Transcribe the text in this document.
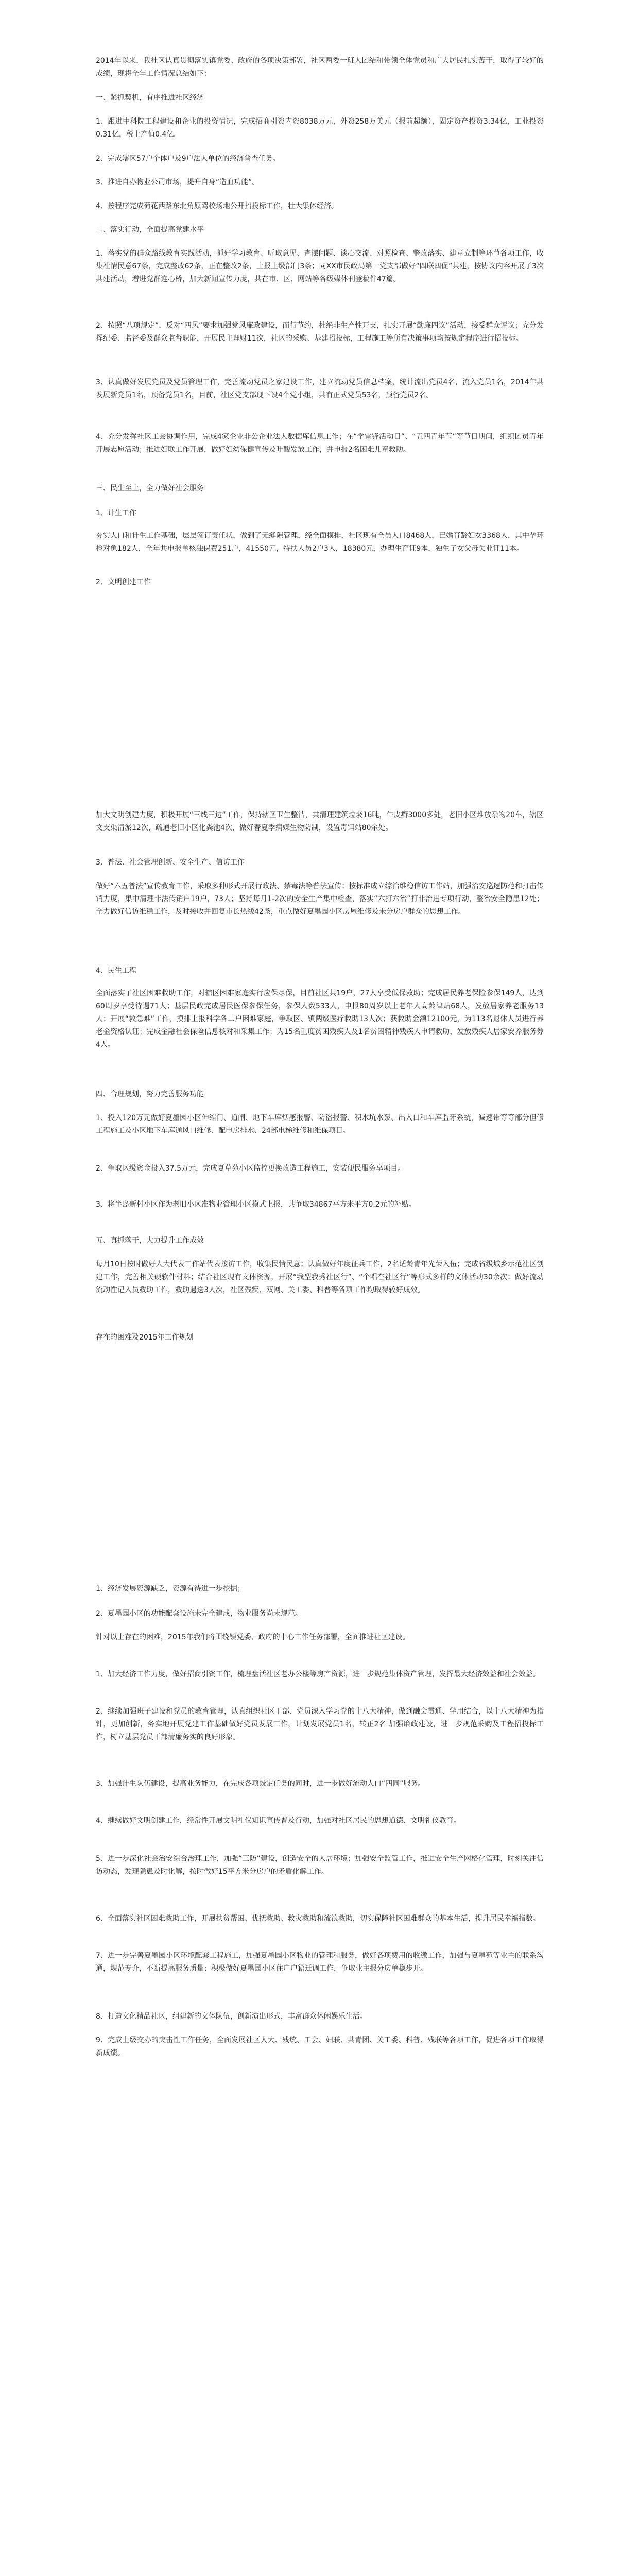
2014年以来，我社区认真贯彻落实镇党委、政府的各项决策部署，社区两委一班人团结和带领全体党员和广大居民扎实苦干，取得了较好的成绩，现将全年工作情况总结如下：

一、紧抓契机，有序推进社区经济

1、跟进中科院工程建设和企业的投资情况，完成招商引资内资8038万元，外资258万美元（报前超额），固定资产投资3.34亿，工业投资0.31亿，税上产值0.4亿。

2、完成辖区57户个体户及9户法人单位的经济普查任务。

3、推进自办物业公司市场，提升自身“造血功能”。

4、按程序完成荷花西路东北角原驾校场地公开招投标工作，壮大集体经济。

二、落实行动，全面提高党建水平

1、落实党的群众路线教育实践活动，抓好学习教育、听取意见、查摆问题、谈心交流、对照检查、整改落实、建章立制等环节各项工作，收集社情民意67条，完成整改62条，正在整改2条，上报上级部门3条；同XX市民政局第一党支部做好“四联四促”共建，按协议内容开展了3次共建活动，增进党群连心桥，加大新闻宣传力度，共在市、区、网站等各级媒体刊登稿件47篇。

2、按照“八项规定”，反对“四风”要求加强党风廉政建设，而行节约，杜绝非生产性开支，扎实开展“勤廉四议”活动，接受群众评议；充分发挥纪委、监督委及群众监督职能，开展民主理财11次，社区的采购、基建招投标，工程施工等所有决策事项均按规定程序进行招投标。

3、认真做好发展党员及党员管理工作，完善流动党员之家建设工作，建立流动党员信息档案，统计流出党员4名，流入党员1名，2014年共发展新党员1名，预备党员1名，目前，社区党支部现下设4个党小组，共有正式党员53名，预备党员2名。

4、充分发挥社区工会协调作用，完成4家企业非公企业法人数据库信息工作；在“学雷锋活动日”、“五四青年节”等节日期间，组织团员青年开展志愿活动；推进妇联工作开展，做好妇幼保健宣传及叶酸发放工作，并申报2名困难儿童救助。

三、民生至上，全力做好社会服务

1、计生工作

夯实人口和计生工作基础，层层签订责任状，做到了无缝隙管理，经全面摸排，社区现有全员人口8468人，已婚育龄妇女3368人，其中孕环检对象182人，全年共申报单核独保费251户，41550元，特扶人员2户3人，18380元，办理生育证9本，独生子女父母失业证11本。

2、文明创建工作

加大文明创建力度，积极开展“三线三边”工作，保持辖区卫生整洁，共清理建筑垃圾16吨，牛皮癣3000多处，老旧小区堆放杂物20车，辖区文支渠清淤12次，疏通老旧小区化粪池4次，做好春夏季病媒生物防制，设置毒饵站80余处。

3、普法、社会管理创新、安全生产、信访工作

做好“六五普法”宣传教育工作，采取多种形式开展行政法、禁毒法等普法宣传；按标准成立综治维稳信访工作站，加强治安巡逻防范和打击传销力度，集中清理非法传销户19户，73人；坚持每月1-2次的安全生产集中检查，落实“六打六治”打非治违专项行动，整治安全隐患12处；全力做好信访维稳工作，及时接收并回复市长热线42条，重点做好夏墨园小区房屋维修及未分房户群众的思想工作。

4、民生工程

全面落实了社区困难救助工作，对辖区困难家庭实行应保尽保，目前社区共19户，27人享受低保救助；完成居民养老保险参保149人，达到60周岁享受待遇71人；基层民政完成居民医保参保任务，参保人数533人，申报80周岁以上老年人高龄津贴68人，发放居家养老服务13人；开展“救急难”工作，摸排上报科学各二户困难家庭，争取区、镇两级医疗救助13人次；获救助金额12100元，为113名退休人员进行养老金资格认证；完成金融社会保险信息核对和采集工作；为15名重度贫困残疾人及1名贫困精神残疾人申请救助，发放残疾人居家安养服务券4人。

四、合理规划，努力完善服务功能

1、投入120万元做好夏墨园小区伸缩门、道闸、地下车库烟感报警、防盗报警、积水坑水泵、出入口和车库监牙系统，减速带等等部分但修工程施工及小区地下车库通风口维修、配电房排水、24部电梯维修和维保项目。

2、争取区级资金投入37.5万元，完成夏草苑小区监控更换改造工程施工，安装便民服务享项目。

3、将半岛新村小区作为老旧小区准物业管理小区模式上报，共争取34867平方米平方0.2元的补贴。

五、真抓落干，大力提升工作成效

每月10日按时做好人大代表工作站代表接访工作，收集民情民意；认真做好年度征兵工作，2名适龄青年光荣入伍；完成省级城乡示范社区创建工作，完善相关硬软件材料；结合社区现有文体资源，开展“我型我秀社区行”、“个唱在社区行”等形式多样的文体活动30余次；做好流动流动性记入员救助工作，救助遇送3人次，社区残疾、双网、关工委、科普等各项工作均取得较好成效。

存在的困难及2015年工作规划

1、经济发展资源缺乏，资源有待进一步挖掘；

2、夏墨园小区的功能配套设施未完全建成，物业服务尚未规范。

针对以上存在的困难，2015年我们将围绕镇党委、政府的中心工作任务部署，全面推进社区建设。

1、加大经济工作力度，做好招商引资工作，梳理盘活社区老办公楼等房产资源，进一步规范集体资产管理，发挥最大经济效益和社会效益。

2、继续加强班子建设和党员的教育管理，认真组织社区干部、党员深入学习党的十八大精神，做到融会贯通、学用结合，以十八大精神为指针，更加创新，务实地开展党建工作基础做好党员发展工作，计划发展党员1名，转正2名 加强廉政建设，进一步规范采购及工程招投标工作，树立基层党员干部清廉务实的良好形象。

3、加强计生队伍建设，提高业务能力，在完成各项既定任务的同时，进一步做好流动人口“四同”服务。

4、继续做好文明创建工作，经常性开展文明礼仪知识宣传普及行动，加强对社区居民的思想道德、文明礼仪教育。

5、进一步深化社会治安综合治理工作，加强“三防”建设，创造安全的人居环境；加强安全监管工作，推进安全生产网格化管理，时刻关注信访动态，发现隐患及时化解，按时做好15平方米分房户的矛盾化解工作。

6、全面落实社区困难救助工作，开展扶贫帮困、优抚救助、救灾救助和流浪救助，切实保障社区困难群众的基本生活，提升居民幸福指数。

7、进一步完善夏墨园小区环境配套工程施工，加强夏墨园小区物业的管理和服务，做好各项费用的收缴工作，加强与夏墨苑等业主的联系沟通，规范专介，不断提高服务质量；积极做好夏墨园小区住户户籍迁调工作，争取业主报分房单稳步开。

8、打造文化精品社区，组建新的文体队伍，创新演出形式，丰富群众休闲娱乐生活。

9、完成上级交办的突击性工作任务，全面发展社区人大、残统、工会、妇联、共青团、关工委、科普、残联等各项工作，促进各项工作取得新成绩。
